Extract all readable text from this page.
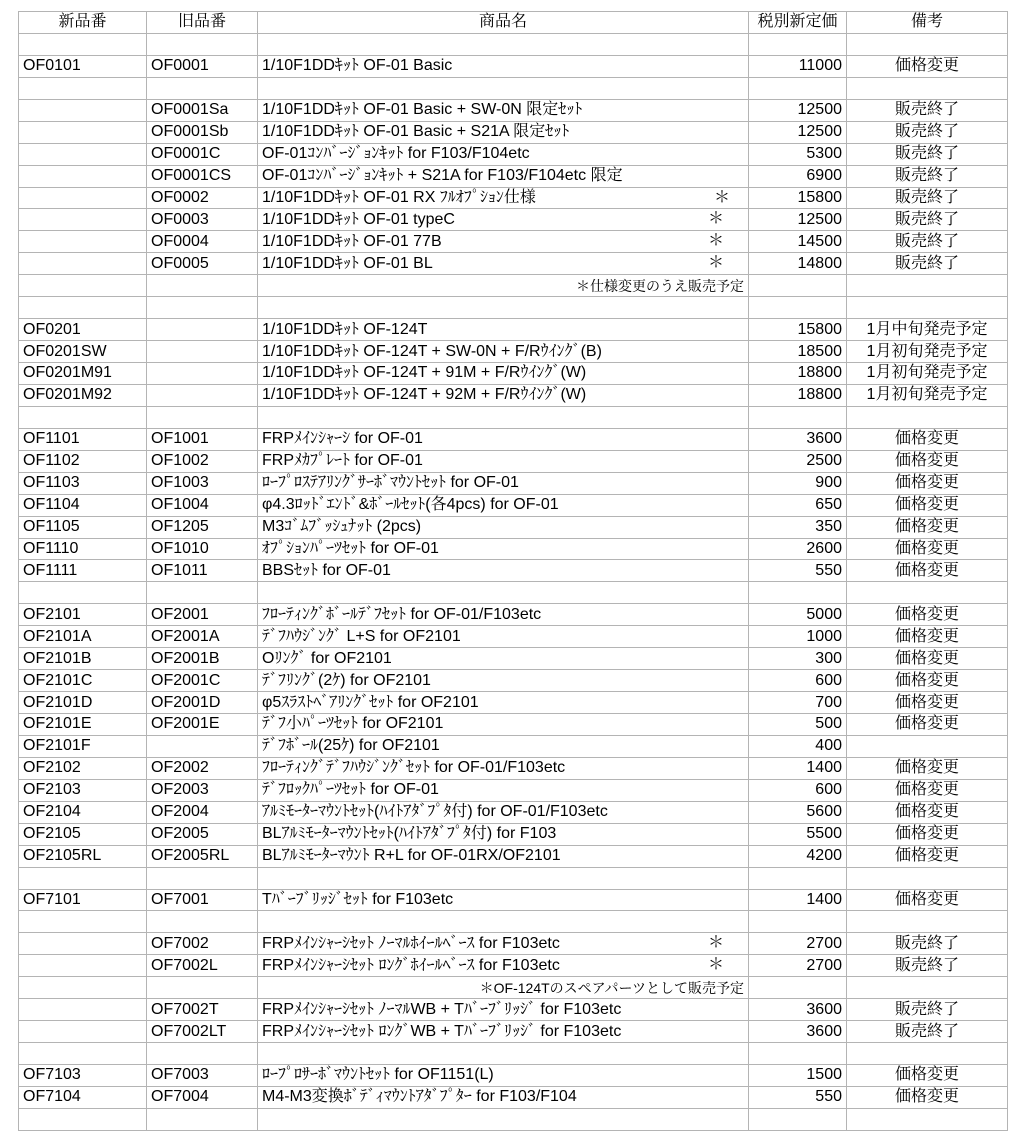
新品番	旧品番	商品名	税別新定価	備考

OF0101	OF0001	1/10F1DDｷｯﾄ OF-01 Basic	11000	価格変更

	OF0001Sa	1/10F1DDｷｯﾄ OF-01 Basic + SW-0N 限定ｾｯﾄ	12500	販売終了
	OF0001Sb	1/10F1DDｷｯﾄ OF-01 Basic + S21A 限定ｾｯﾄ	12500	販売終了
	OF0001C	OF-01ｺﾝﾊﾞｰｼﾞｮﾝｷｯﾄ for F103/F104etc	5300	販売終了
	OF0001CS	OF-01ｺﾝﾊﾞｰｼﾞｮﾝｷｯﾄ + S21A for F103/F104etc 限定	6900	販売終了
	OF0002	1/10F1DDｷｯﾄ OF-01 RX ﾌﾙｵﾌﾟｼｮﾝ仕様 ＊	15800	販売終了
	OF0003	1/10F1DDｷｯﾄ OF-01 typeC ＊	12500	販売終了
	OF0004	1/10F1DDｷｯﾄ OF-01 77B ＊	14500	販売終了
	OF0005	1/10F1DDｷｯﾄ OF-01 BL ＊	14800	販売終了
		＊仕様変更のうえ販売予定		

OF0201		1/10F1DDｷｯﾄ OF-124T	15800	1月中旬発売予定
OF0201SW		1/10F1DDｷｯﾄ OF-124T + SW-0N + F/Rｳｲﾝｸﾞ(B)	18500	1月初旬発売予定
OF0201M91		1/10F1DDｷｯﾄ OF-124T + 91M + F/Rｳｲﾝｸﾞ(W)	18800	1月初旬発売予定
OF0201M92		1/10F1DDｷｯﾄ OF-124T + 92M + F/Rｳｲﾝｸﾞ(W)	18800	1月初旬発売予定

OF1101	OF1001	FRPﾒｲﾝｼｬｰｼ for OF-01	3600	価格変更
OF1102	OF1002	FRPﾒｶﾌﾟﾚｰﾄ for OF-01	2500	価格変更
OF1103	OF1003	ﾛｰﾌﾟﾛｽﾃｱﾘﾝｸﾞｻｰﾎﾞﾏｳﾝﾄｾｯﾄ for OF-01	900	価格変更
OF1104	OF1004	φ4.3ﾛｯﾄﾞｴﾝﾄﾞ&ﾎﾞｰﾙｾｯﾄ(各4pcs) for OF-01	650	価格変更
OF1105	OF1205	M3ｺﾞﾑﾌﾞｯｼｭﾅｯﾄ (2pcs)	350	価格変更
OF1110	OF1010	ｵﾌﾟｼｮﾝﾊﾟｰﾂｾｯﾄ for OF-01	2600	価格変更
OF1111	OF1011	BBSｾｯﾄ for OF-01	550	価格変更

OF2101	OF2001	ﾌﾛｰﾃｨﾝｸﾞﾎﾞｰﾙﾃﾞﾌｾｯﾄ for OF-01/F103etc	5000	価格変更
OF2101A	OF2001A	ﾃﾞﾌﾊｳｼﾞﾝｸﾞ L+S for OF2101	1000	価格変更
OF2101B	OF2001B	Oﾘﾝｸﾞ for OF2101	300	価格変更
OF2101C	OF2001C	ﾃﾞﾌﾘﾝｸﾞ(2ｹ) for OF2101	600	価格変更
OF2101D	OF2001D	φ5ｽﾗｽﾄﾍﾞｱﾘﾝｸﾞｾｯﾄ for OF2101	700	価格変更
OF2101E	OF2001E	ﾃﾞﾌ小ﾊﾟｰﾂｾｯﾄ for OF2101	500	価格変更
OF2101F		ﾃﾞﾌﾎﾞｰﾙ(25ｹ) for OF2101	400	
OF2102	OF2002	ﾌﾛｰﾃｨﾝｸﾞﾃﾞﾌﾊｳｼﾞﾝｸﾞｾｯﾄ for OF-01/F103etc	1400	価格変更
OF2103	OF2003	ﾃﾞﾌﾛｯｸﾊﾟｰﾂｾｯﾄ for OF-01	600	価格変更
OF2104	OF2004	ｱﾙﾐﾓｰﾀｰﾏｳﾝﾄｾｯﾄ(ﾊｲﾄｱﾀﾞﾌﾟﾀ付) for OF-01/F103etc	5600	価格変更
OF2105	OF2005	BLｱﾙﾐﾓｰﾀｰﾏｳﾝﾄｾｯﾄ(ﾊｲﾄｱﾀﾞﾌﾟﾀ付) for F103	5500	価格変更
OF2105RL	OF2005RL	BLｱﾙﾐﾓｰﾀｰﾏｳﾝﾄ R+L for OF-01RX/OF2101	4200	価格変更

OF7101	OF7001	Tﾊﾞｰﾌﾞﾘｯｼﾞｾｯﾄ for F103etc	1400	価格変更

	OF7002	FRPﾒｲﾝｼｬｰｼｾｯﾄ ﾉｰﾏﾙﾎｲｰﾙﾍﾞｰｽ for F103etc ＊	2700	販売終了
	OF7002L	FRPﾒｲﾝｼｬｰｼｾｯﾄ ﾛﾝｸﾞﾎｲｰﾙﾍﾞｰｽ for F103etc ＊	2700	販売終了
		＊OF-124Tのスペアパーツとして販売予定		
	OF7002T	FRPﾒｲﾝｼｬｰｼｾｯﾄ ﾉｰﾏﾙWB + Tﾊﾞｰﾌﾞﾘｯｼﾞ for F103etc	3600	販売終了
	OF7002LT	FRPﾒｲﾝｼｬｰｼｾｯﾄ ﾛﾝｸﾞWB + Tﾊﾞｰﾌﾞﾘｯｼﾞ for F103etc	3600	販売終了

OF7103	OF7003	ﾛｰﾌﾟﾛｻｰﾎﾞﾏｳﾝﾄｾｯﾄ for OF1151(L)	1500	価格変更
OF7104	OF7004	M4-M3変換ﾎﾞﾃﾞｨﾏｳﾝﾄｱﾀﾞﾌﾟﾀｰ for F103/F104	550	価格変更
